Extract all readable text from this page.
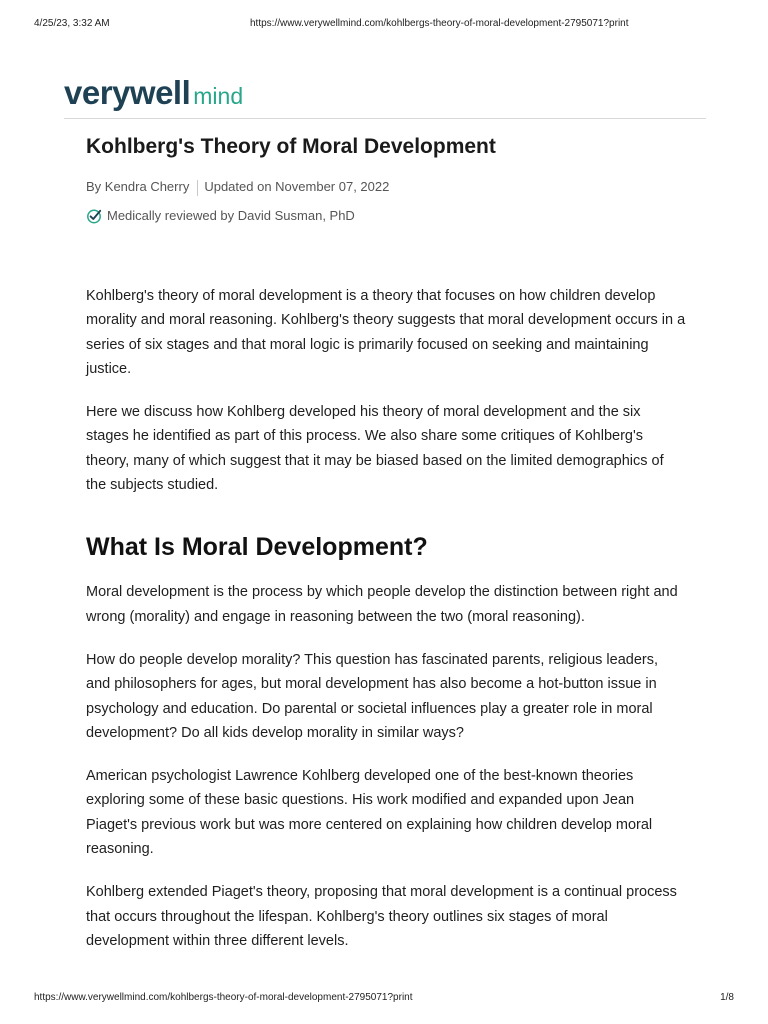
4/25/23, 3:32 AM	https://www.verywellmind.com/kohlbergs-theory-of-moral-development-2795071?print
verywell mind
Kohlberg's Theory of Moral Development
By Kendra Cherry Updated on November 07, 2022
Medically reviewed by David Susman, PhD

Kohlberg's theory of moral development is a theory that focuses on how children develop morality and moral reasoning. Kohlberg's theory suggests that moral development occurs in a series of six stages and that moral logic is primarily focused on seeking and maintaining justice.

Here we discuss how Kohlberg developed his theory of moral development and the six stages he identified as part of this process. We also share some critiques of Kohlberg's theory, many of which suggest that it may be biased based on the limited demographics of the subjects studied.

What Is Moral Development?

Moral development is the process by which people develop the distinction between right and wrong (morality) and engage in reasoning between the two (moral reasoning).

How do people develop morality? This question has fascinated parents, religious leaders, and philosophers for ages, but moral development has also become a hot-button issue in psychology and education. Do parental or societal influences play a greater role in moral development? Do all kids develop morality in similar ways?

American psychologist Lawrence Kohlberg developed one of the best-known theories exploring some of these basic questions. His work modified and expanded upon Jean Piaget's previous work but was more centered on explaining how children develop moral reasoning.

Kohlberg extended Piaget's theory, proposing that moral development is a continual process that occurs throughout the lifespan. Kohlberg's theory outlines six stages of moral development within three different levels.

https://www.verywellmind.com/kohlbergs-theory-of-moral-development-2795071?print	1/8
